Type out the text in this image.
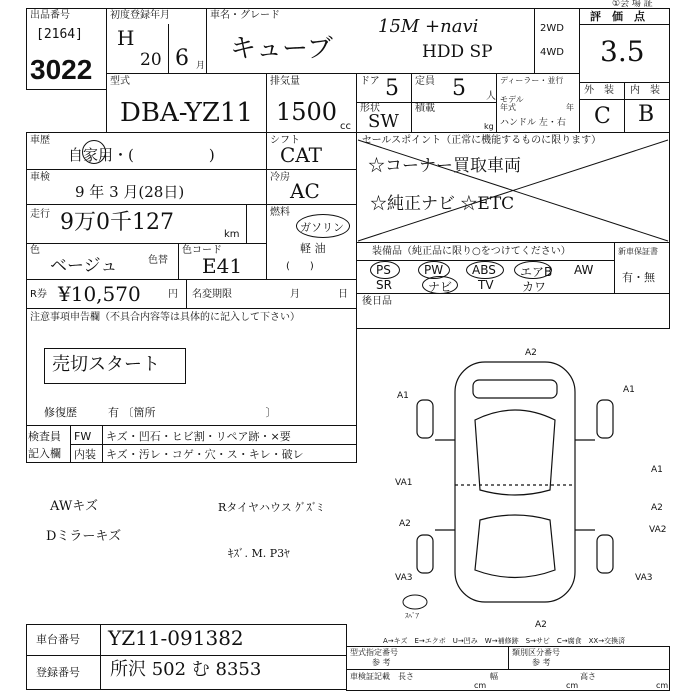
①会 場 証
出品番号
[2164]
3022
初度登録年月
H
20 6 月
車名・グレード
キューブ
15M +navi
HDD SP
2WD
4WD
評　価　点
3.5
型式
DBA-YZ11
排気量
1500
cc
ドア 5 定員 5 人
ディーラー・並行
モデル年式	年
ハンドル 左・右
外　装 内　装
C B
形状
SW
積載
kg
車歴
自家用・(　　　　　)
シフト
CAT
車検
9 年 3 月(28日)
冷房
AC
走行 9万0千127	km
燃料
ガソリン
軽 油
(　　)
色
ベージュ	色替
色コード
E41
セールスポイント（正常に機能するものに限ります）
☆コーナー買取車両
☆純正ナビ ☆ETC
R券 ¥10,570	円 名変期限	月	日
装備品（純正品に限り○をつけてください）
PS	PW ABS エアB AW
SR	ナビ TV カワ
新車保証書
有・無
後日品
注意事項申告欄（不具合内容等は具体的に記入して下さい）
売切スタート
修復歴	有 〔箇所　　　　　　　　　　〕
検査員
記入欄
FW キズ・凹石・ヒビ割・リペア跡・×要
内装 キズ・汚レ・コゲ・穴・ス・キレ・破レ
AWキズ
Dミラーキズ
Rタイヤハウス ｸﾞｽﾞﾐ
ｷｽﾞ. M. P3ﾔ
A2
A1
A1
VA1
A1
A2
A2
VA2
VA3	VA3
A2
ｽﾍﾞｱ
A→キズ　E→エクボ　U→凹み　W→補修跡　S→サビ　C→腐食　XX→交換済
車台番号 YZ11-091382
登録番号 所沢 502 む 8353
型式指定番号
参 考
類別区分番号
参 考
車検証記載 長さ
cm
幅
cm
高さ
cm
